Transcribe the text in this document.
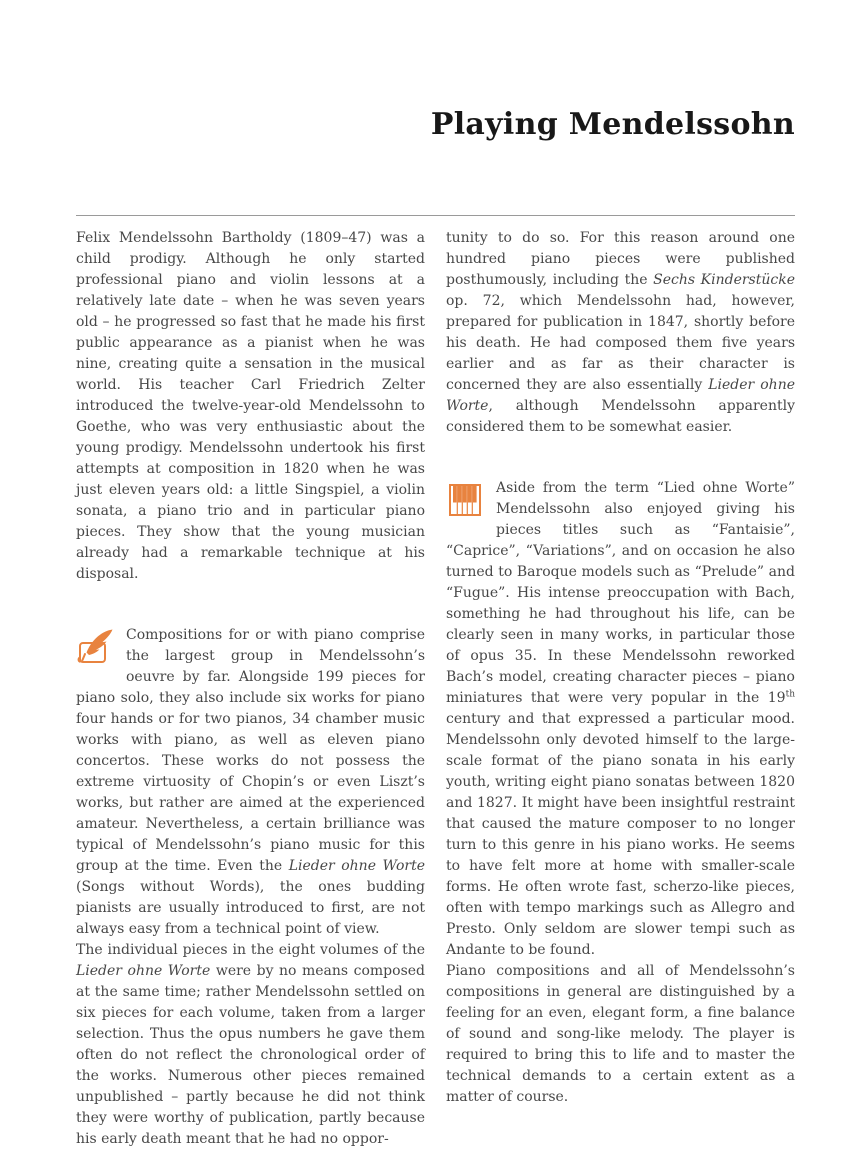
Playing Mendelssohn

Felix Mendelssohn Bartholdy (1809–47) was a child prodigy. Although he only started professional piano and violin lessons at a relatively late date – when he was seven years old – he progressed so fast that he made his first public appearance as a pianist when he was nine, creating quite a sensation in the musical world. His teacher Carl Friedrich Zelter introduced the twelve-year-old Mendelssohn to Goethe, who was very enthusiastic about the young prodigy. Mendelssohn undertook his first attempts at composition in 1820 when he was just eleven years old: a little Singspiel, a violin sonata, a piano trio and in particular piano pieces. They show that the young musician already had a remarkable technique at his disposal.

Compositions for or with piano comprise the largest group in Mendelssohn’s oeuvre by far. Alongside 199 pieces for piano solo, they also include six works for piano four hands or for two pianos, 34 chamber music works with piano, as well as eleven piano concertos. These works do not possess the extreme virtuosity of Chopin’s or even Liszt’s works, but rather are aimed at the experienced amateur. Nevertheless, a certain brilliance was typical of Mendelssohn’s piano music for this group at the time. Even the Lieder ohne Worte (Songs without Words), the ones budding pianists are usually introduced to first, are not always easy from a technical point of view.

The individual pieces in the eight volumes of the Lieder ohne Worte were by no means composed at the same time; rather Mendelssohn settled on six pieces for each volume, taken from a larger selection. Thus the opus numbers he gave them often do not reflect the chronological order of the works. Numerous other pieces remained unpublished – partly because he did not think they were worthy of publication, partly because his early death meant that he had no oppor-

tunity to do so. For this reason around one hundred piano pieces were published posthumously, including the Sechs Kinderstücke op. 72, which Mendelssohn had, however, prepared for publication in 1847, shortly before his death. He had composed them five years earlier and as far as their character is concerned they are also essentially Lieder ohne Worte, although Mendelssohn apparently considered them to be somewhat easier.

Aside from the term “Lied ohne Worte” Mendelssohn also enjoyed giving his pieces titles such as “Fantaisie”, “Caprice”, “Variations”, and on occasion he also turned to Baroque models such as “Prelude” and “Fugue”. His intense preoccupation with Bach, something he had throughout his life, can be clearly seen in many works, in particular those of opus 35. In these Mendelssohn reworked Bach’s model, creating character pieces – piano miniatures that were very popular in the 19th century and that expressed a particular mood. Mendelssohn only devoted himself to the large-scale format of the piano sonata in his early youth, writing eight piano sonatas between 1820 and 1827. It might have been insightful restraint that caused the mature composer to no longer turn to this genre in his piano works. He seems to have felt more at home with smaller-scale forms. He often wrote fast, scherzo-like pieces, often with tempo markings such as Allegro and Presto. Only seldom are slower tempi such as Andante to be found.

Piano compositions and all of Mendelssohn’s compositions in general are distinguished by a feeling for an even, elegant form, a fine balance of sound and song-like melody. The player is required to bring this to life and to master the technical demands to a certain extent as a matter of course.
